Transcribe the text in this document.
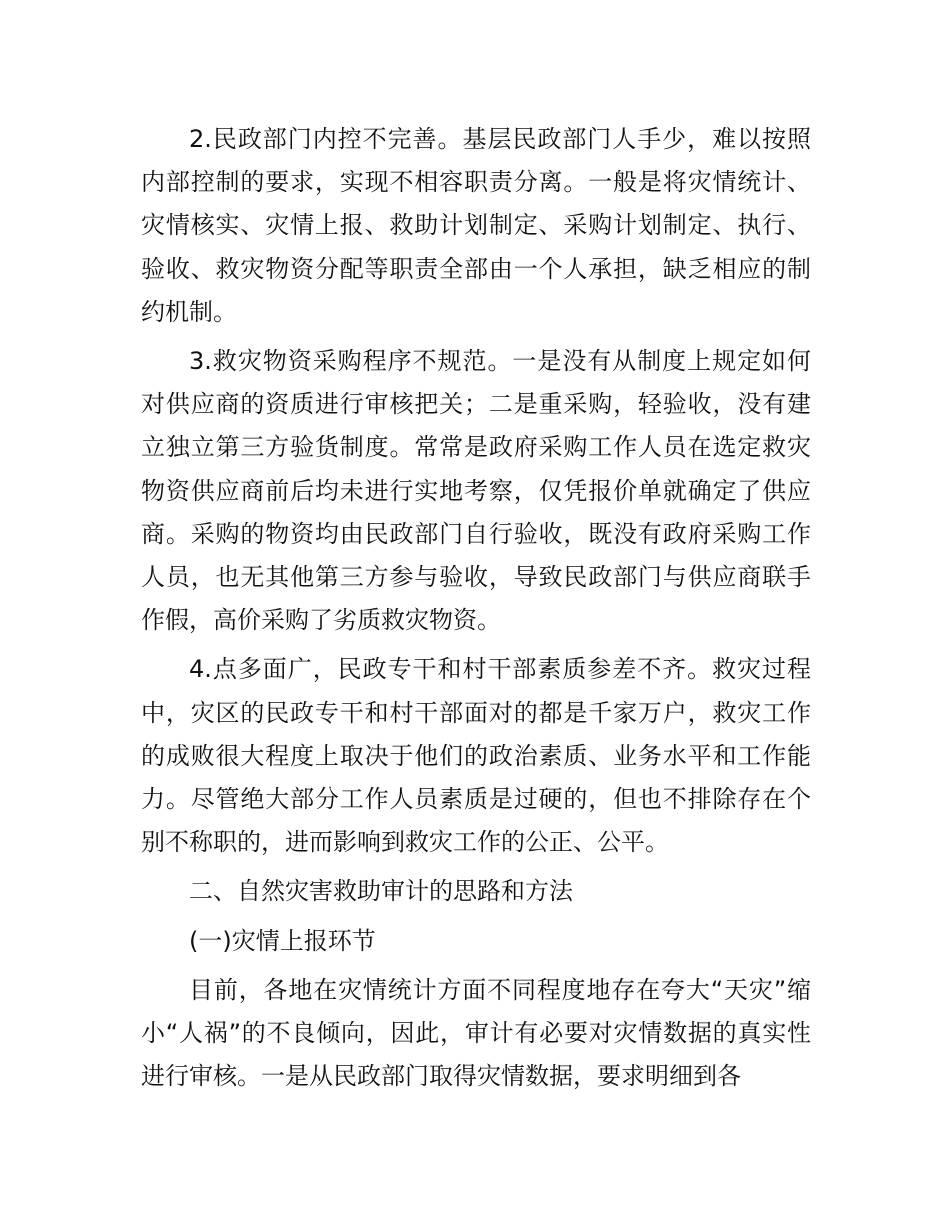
2.民政部门内控不完善。基层民政部门人手少，难以按照内部控制的要求，实现不相容职责分离。一般是将灾情统计、灾情核实、灾情上报、救助计划制定、采购计划制定、执行、验收、救灾物资分配等职责全部由一个人承担，缺乏相应的制约机制。

3.救灾物资采购程序不规范。一是没有从制度上规定如何对供应商的资质进行审核把关；二是重采购，轻验收，没有建立独立第三方验货制度。常常是政府采购工作人员在选定救灾物资供应商前后均未进行实地考察，仅凭报价单就确定了供应商。采购的物资均由民政部门自行验收，既没有政府采购工作人员，也无其他第三方参与验收，导致民政部门与供应商联手作假，高价采购了劣质救灾物资。

4.点多面广，民政专干和村干部素质参差不齐。救灾过程中，灾区的民政专干和村干部面对的都是千家万户，救灾工作的成败很大程度上取决于他们的政治素质、业务水平和工作能力。尽管绝大部分工作人员素质是过硬的，但也不排除存在个别不称职的，进而影响到救灾工作的公正、公平。

二、自然灾害救助审计的思路和方法

(一)灾情上报环节

目前，各地在灾情统计方面不同程度地存在夸大“天灾”缩小“人祸”的不良倾向，因此，审计有必要对灾情数据的真实性进行审核。一是从民政部门取得灾情数据，要求明细到各
